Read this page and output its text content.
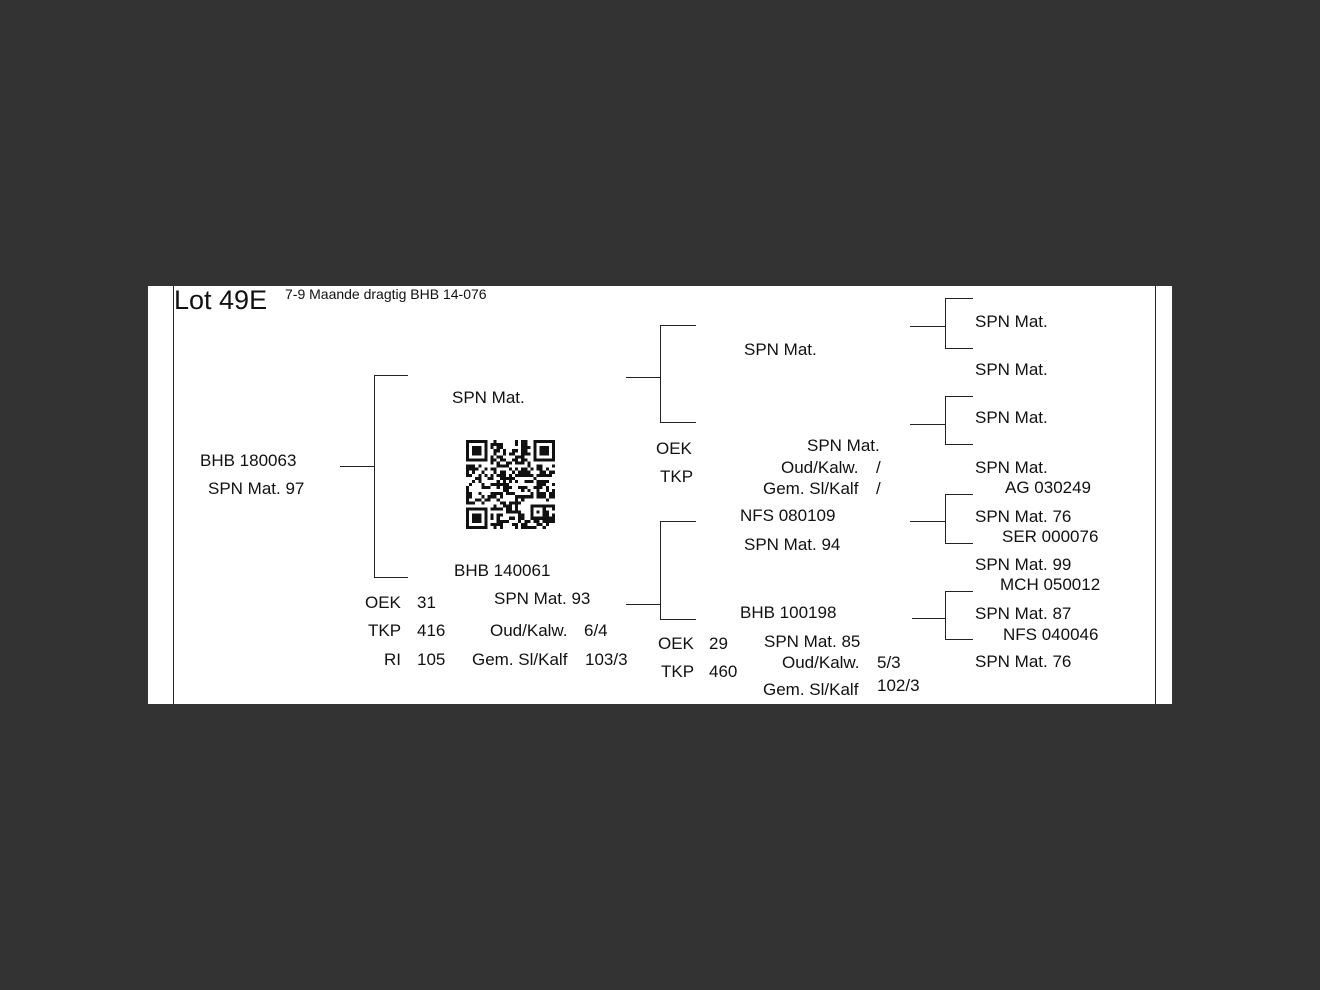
Lot 49E 7-9 Maande dragtig BHB 14-076
BHB 180063
SPN Mat. 97
SPN Mat.
BHB 140061
SPN Mat. 93
OEK 31
TKP 416
RI 105
Oud/Kalw. 6/4
Gem. Sl/Kalf 103/3
SPN Mat.
OEK
TKP
SPN Mat.
Oud/Kalw. /
Gem. Sl/Kalf /
NFS 080109
SPN Mat. 94
BHB 100198
OEK 29
TKP 460
SPN Mat. 85
Oud/Kalw. 5/3
Gem. Sl/Kalf 102/3
SPN Mat.
SPN Mat.
SPN Mat.
SPN Mat.
AG 030249
SPN Mat. 76
SER 000076
SPN Mat. 99
MCH 050012
SPN Mat. 87
NFS 040046
SPN Mat. 76
